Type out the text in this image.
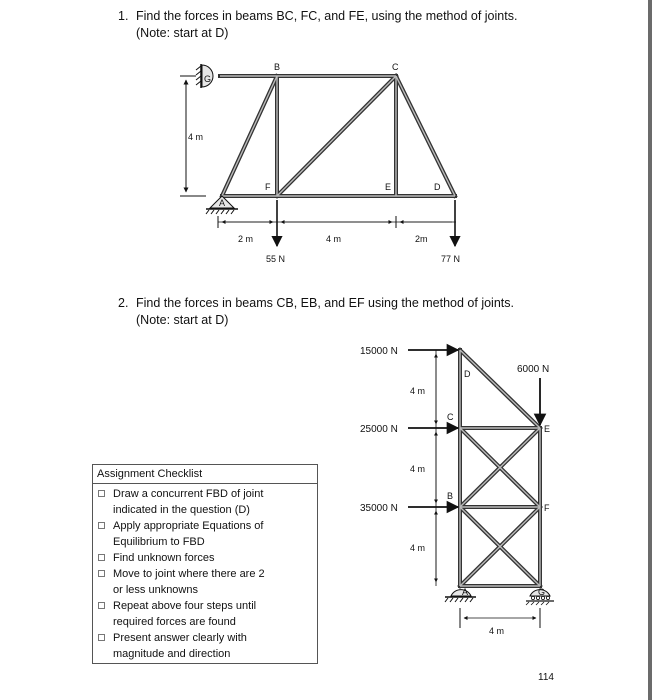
1. Find the forces in beams BC, FC, and FE, using the method of joints.
(Note: start at D)
2. Find the forces in beams CB, EB, and EF using the method of joints.
(Note: start at D)
G
A
B	C
F	E	D
4 m
2 m	4 m	2m
55 N	77 N
D
C
B
E
F
A	G
15000 N
25000 N
35000 N
6000 N
4 m
4 m
4 m
4 m
Assignment Checklist
Draw a concurrent FBD of joint
indicated in the question (D)
Apply appropriate Equations of
Equilibrium to FBD
Find unknown forces
Move to joint where there are 2
or less unknowns
Repeat above four steps until
required forces are found
Present answer clearly with
magnitude and direction
114
